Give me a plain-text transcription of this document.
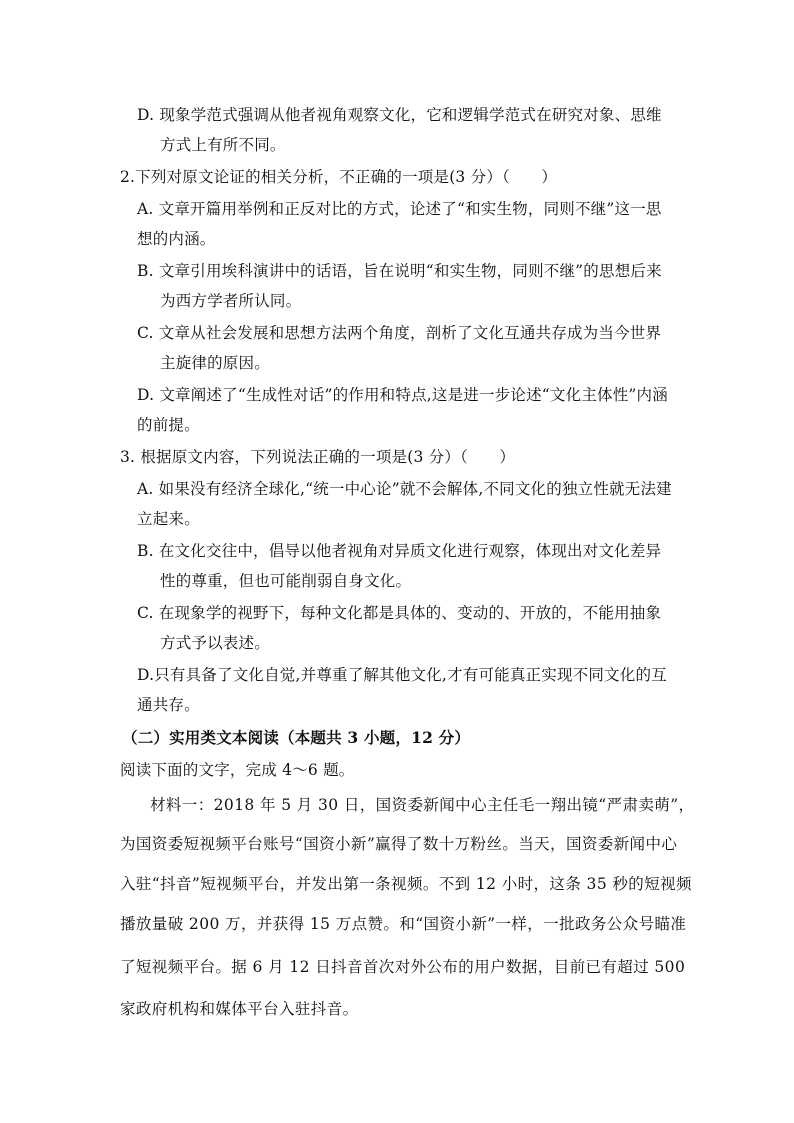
D. 现象学范式强调从他者视角观察文化，它和逻辑学范式在研究对象、思维
方式上有所不同。
2.下列对原文论证的相关分析，不正确的一项是(3 分）（　　）
A. 文章开篇用举例和正反对比的方式，论述了“和实生物，同则不继”这一思
想的内涵。
B. 文章引用埃科演讲中的话语，旨在说明“和实生物，同则不继”的思想后来
为西方学者所认同。
C. 文章从社会发展和思想方法两个角度，剖析了文化互通共存成为当今世界
主旋律的原因。
D. 文章阐述了“生成性对话”的作用和特点,这是进一步论述“文化主体性”内涵
的前提。
3. 根据原文内容，下列说法正确的一项是(3 分）（　　）
A. 如果没有经济全球化,“统一中心论”就不会解体,不同文化的独立性就无法建
立起来。
B. 在文化交往中，倡导以他者视角对异质文化进行观察，体现出对文化差异
性的尊重，但也可能削弱自身文化。
C. 在现象学的视野下，每种文化都是具体的、变动的、开放的，不能用抽象
方式予以表述。
D.只有具备了文化自觉,并尊重了解其他文化,才有可能真正实现不同文化的互
通共存。
（二）实用类文本阅读（本题共 3 小题，12 分）
阅读下面的文字，完成 4～6 题。
材料一：2018 年 5 月 30 日，国资委新闻中心主任毛一翔出镜“严肃卖萌”，
为国资委短视频平台账号“国资小新”赢得了数十万粉丝。当天，国资委新闻中心
入驻“抖音”短视频平台，并发出第一条视频。不到 12 小时，这条 35 秒的短视频
播放量破 200 万，并获得 15 万点赞。和“国资小新”一样，一批政务公众号瞄准
了短视频平台。据 6 月 12 日抖音首次对外公布的用户数据，目前已有超过 500
家政府机构和媒体平台入驻抖音。
